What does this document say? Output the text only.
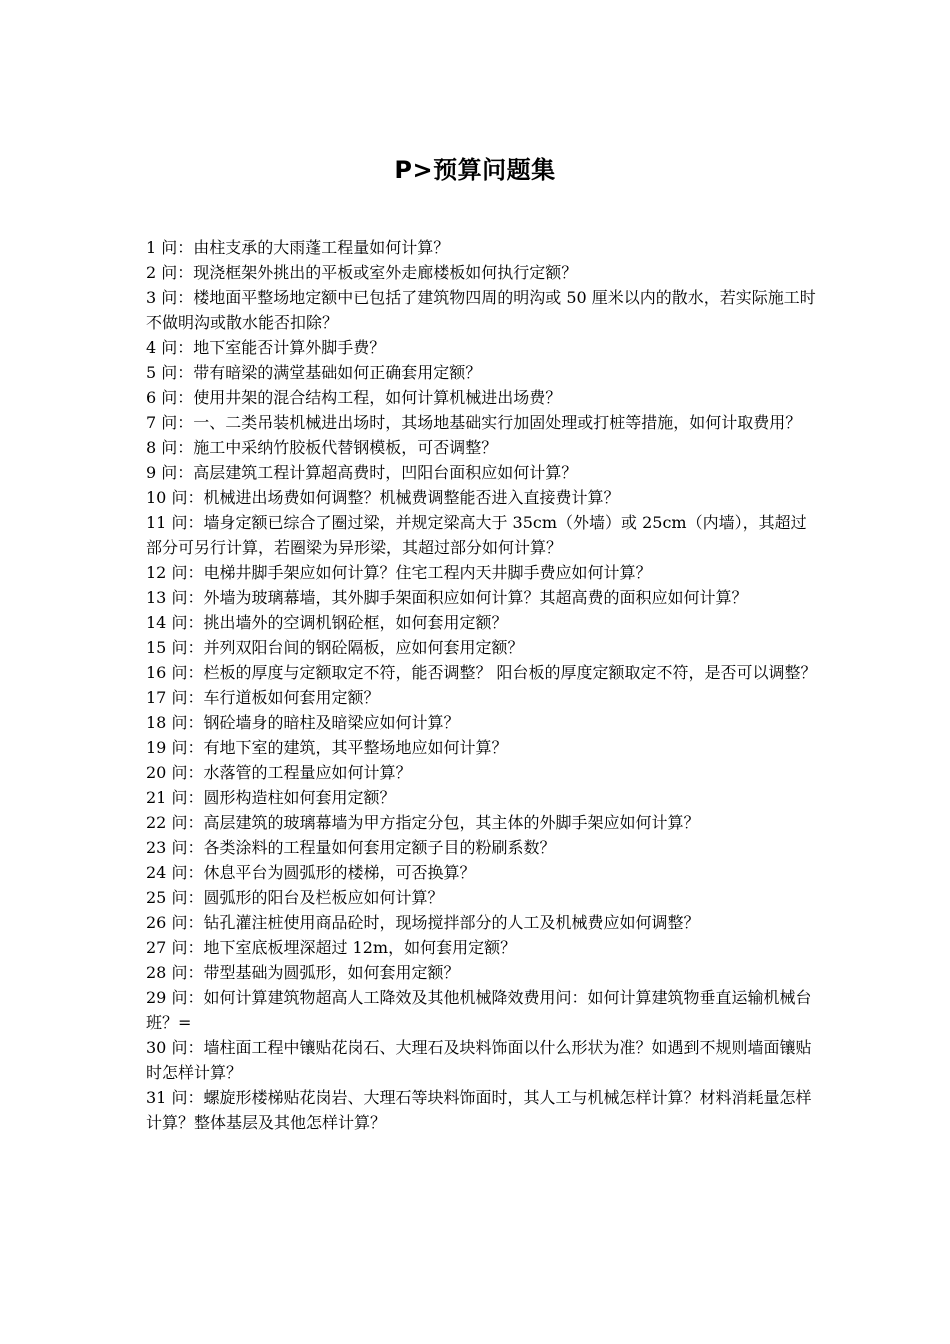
P>预算问题集
1 问：由柱支承的大雨蓬工程量如何计算？
2 问：现浇框架外挑出的平板或室外走廊楼板如何执行定额？
3 问：楼地面平整场地定额中已包括了建筑物四周的明沟或 50 厘米以内的散水，若实际施工时不做明沟或散水能否扣除？
4 问：地下室能否计算外脚手费？
5 问：带有暗梁的满堂基础如何正确套用定额？
6 问：使用井架的混合结构工程，如何计算机械进出场费？
7 问：一、二类吊装机械进出场时，其场地基础实行加固处理或打桩等措施，如何计取费用？
8 问：施工中采纳竹胶板代替钢模板，可否调整？
9 问：高层建筑工程计算超高费时，凹阳台面积应如何计算？
10 问：机械进出场费如何调整？机械费调整能否进入直接费计算？
11 问：墙身定额已综合了圈过梁，并规定梁高大于 35cm（外墙）或 25cm（内墙），其超过部分可另行计算，若圈梁为异形梁，其超过部分如何计算？
12 问：电梯井脚手架应如何计算？住宅工程内天井脚手费应如何计算？
13 问：外墙为玻璃幕墙，其外脚手架面积应如何计算？其超高费的面积应如何计算？
14 问：挑出墙外的空调机钢砼框，如何套用定额？
15 问：并列双阳台间的钢砼隔板，应如何套用定额？
16 问：栏板的厚度与定额取定不符，能否调整？ 阳台板的厚度定额取定不符，是否可以调整？
17 问：车行道板如何套用定额？
18 问：钢砼墙身的暗柱及暗梁应如何计算？
19 问：有地下室的建筑，其平整场地应如何计算？
20 问：水落管的工程量应如何计算？
21 问：圆形构造柱如何套用定额？
22 问：高层建筑的玻璃幕墙为甲方指定分包，其主体的外脚手架应如何计算？
23 问：各类涂料的工程量如何套用定额子目的粉刷系数？
24 问：休息平台为圆弧形的楼梯，可否换算？
25 问：圆弧形的阳台及栏板应如何计算？
26 问：钻孔灌注桩使用商品砼时，现场搅拌部分的人工及机械费应如何调整？
27 问：地下室底板埋深超过 12m，如何套用定额？
28 问：带型基础为圆弧形，如何套用定额？
29 问：如何计算建筑物超高人工降效及其他机械降效费用问：如何计算建筑物垂直运输机械台班？=
30 问：墙柱面工程中镶贴花岗石、大理石及块料饰面以什么形状为准？如遇到不规则墙面镶贴时怎样计算？
31 问：螺旋形楼梯贴花岗岩、大理石等块料饰面时，其人工与机械怎样计算？材料消耗量怎样计算？整体基层及其他怎样计算？
